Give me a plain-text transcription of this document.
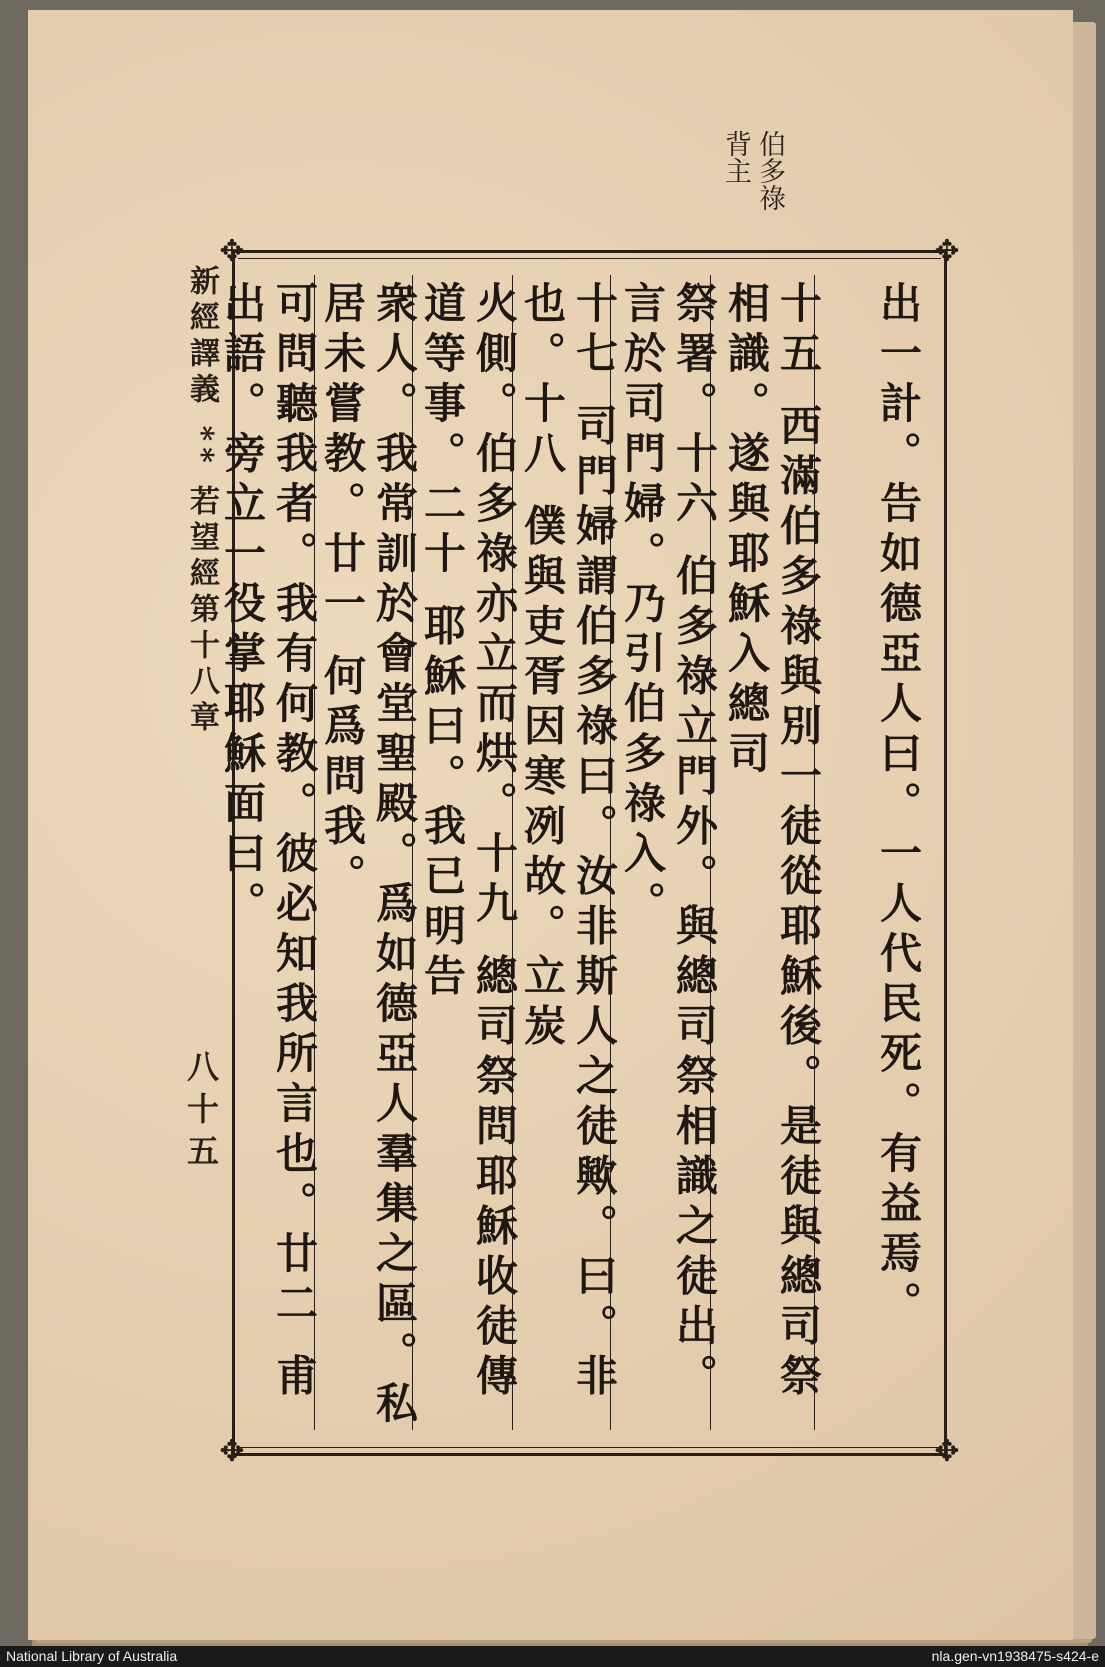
伯多祿
背主
新經譯義 ** 若望經第十八章
八十五	出一計。告如德亞人曰。一人代民死。有益焉。
十五 西滿伯多祿與別一徒從耶穌後。是徒與總司祭相識。遂與耶穌入總司
祭署。十六 伯多祿立門外。與總司祭相識之徒出。言於司門婦。乃引伯多祿入。
十七 司門婦謂伯多祿曰。汝非斯人之徒歟。曰。非也。十八 僕與吏胥因寒冽故。立炭
火側。伯多祿亦立而烘。十九 總司祭問耶穌收徒傳道等事。二十 耶穌曰。我已明告
衆人。我常訓於會堂聖殿。爲如德亞人羣集之區。私居未嘗教。廿一 何爲問我。
可問聽我者。我有何教。彼必知我所言也。廿二 甫出語。旁立一役掌耶穌面曰。
✥	✥
✥	✥
National Library of Australia	nla.gen-vn1938475-s424-e
